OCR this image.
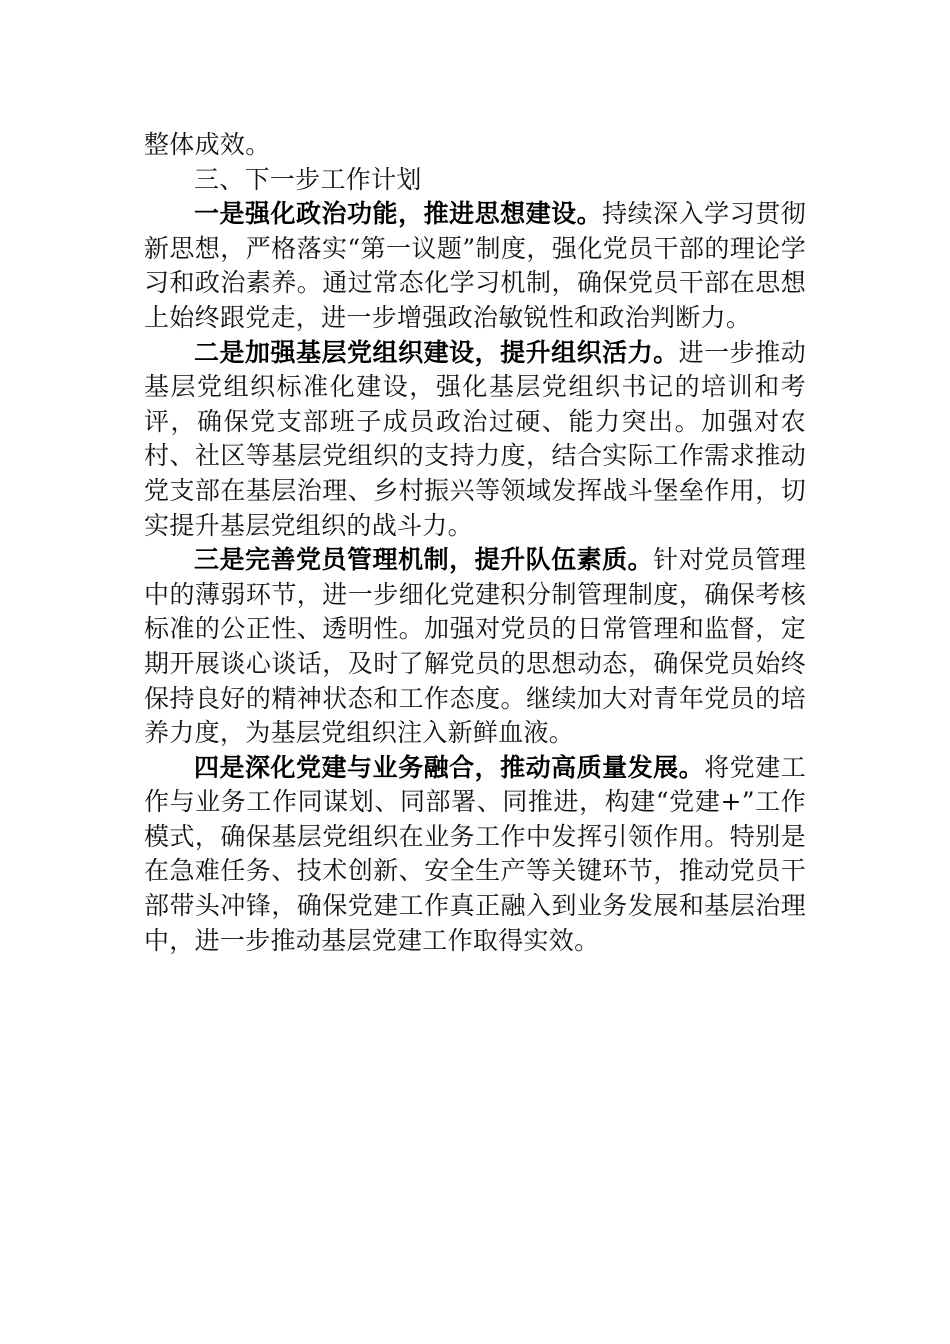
整体成效。

三、下一步工作计划

一是强化政治功能，推进思想建设。持续深入学习贯彻新思想，严格落实“第一议题”制度，强化党员干部的理论学习和政治素养。通过常态化学习机制，确保党员干部在思想上始终跟党走，进一步增强政治敏锐性和政治判断力。

二是加强基层党组织建设，提升组织活力。进一步推动基层党组织标准化建设，强化基层党组织书记的培训和考评，确保党支部班子成员政治过硬、能力突出。加强对农村、社区等基层党组织的支持力度，结合实际工作需求推动党支部在基层治理、乡村振兴等领域发挥战斗堡垒作用，切实提升基层党组织的战斗力。

三是完善党员管理机制，提升队伍素质。针对党员管理中的薄弱环节，进一步细化党建积分制管理制度，确保考核标准的公正性、透明性。加强对党员的日常管理和监督，定期开展谈心谈话，及时了解党员的思想动态，确保党员始终保持良好的精神状态和工作态度。继续加大对青年党员的培养力度，为基层党组织注入新鲜血液。

四是深化党建与业务融合，推动高质量发展。将党建工作与业务工作同谋划、同部署、同推进，构建“党建+”工作模式，确保基层党组织在业务工作中发挥引领作用。特别是在急难任务、技术创新、安全生产等关键环节，推动党员干部带头冲锋，确保党建工作真正融入到业务发展和基层治理中，进一步推动基层党建工作取得实效。
